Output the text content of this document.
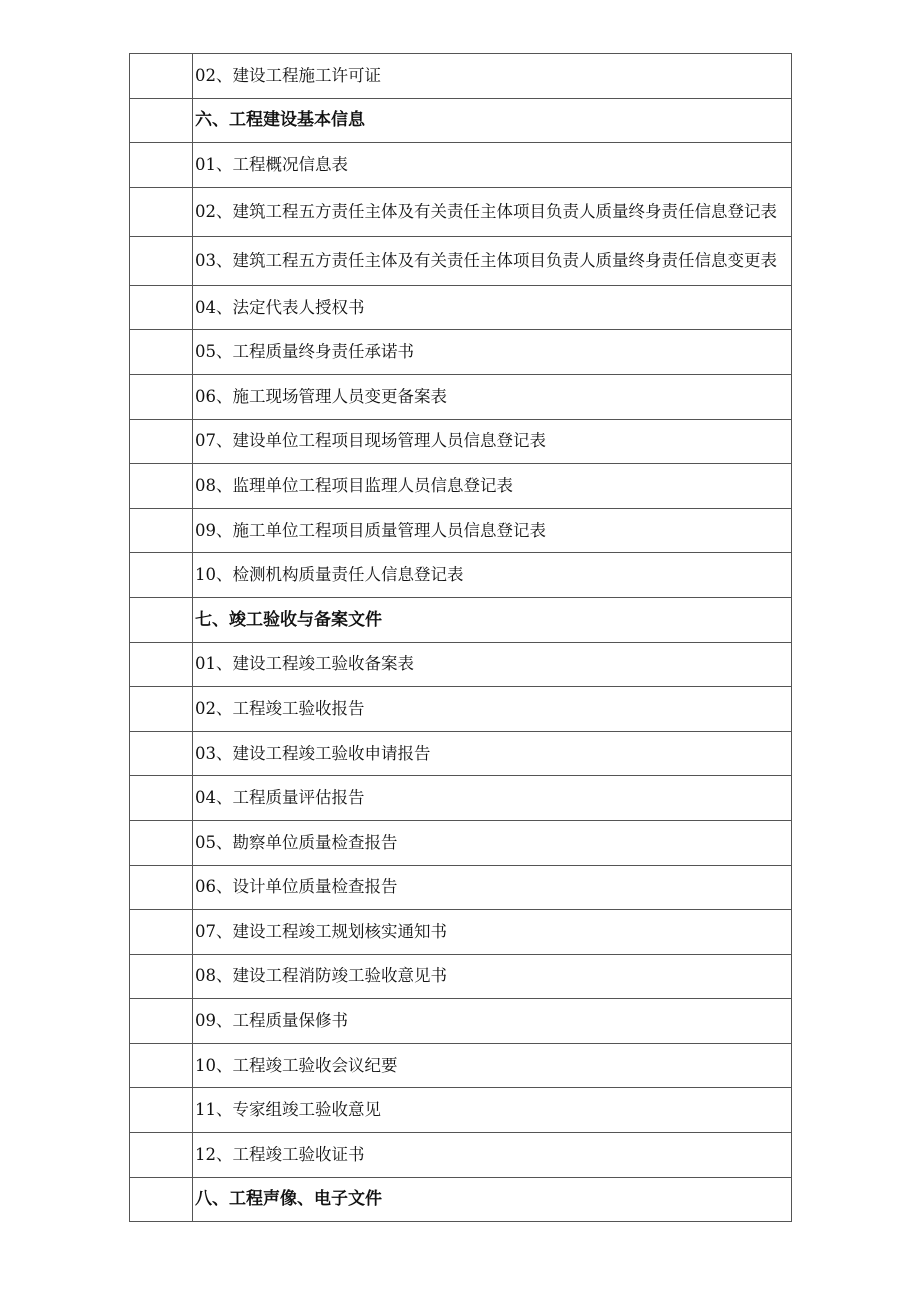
	02、建设工程施工许可证
	六、工程建设基本信息
	01、工程概况信息表
	02、建筑工程五方责任主体及有关责任主体项目负责人质量终身责任信息登记表
	03、建筑工程五方责任主体及有关责任主体项目负责人质量终身责任信息变更表
	04、法定代表人授权书
	05、工程质量终身责任承诺书
	06、施工现场管理人员变更备案表
	07、建设单位工程项目现场管理人员信息登记表
	08、监理单位工程项目监理人员信息登记表
	09、施工单位工程项目质量管理人员信息登记表
	10、检测机构质量责任人信息登记表
	七、竣工验收与备案文件
	01、建设工程竣工验收备案表
	02、工程竣工验收报告
	03、建设工程竣工验收申请报告
	04、工程质量评估报告
	05、勘察单位质量检查报告
	06、设计单位质量检查报告
	07、建设工程竣工规划核实通知书
	08、建设工程消防竣工验收意见书
	09、工程质量保修书
	10、工程竣工验收会议纪要
	11、专家组竣工验收意见
	12、工程竣工验收证书
	八、工程声像、电子文件
